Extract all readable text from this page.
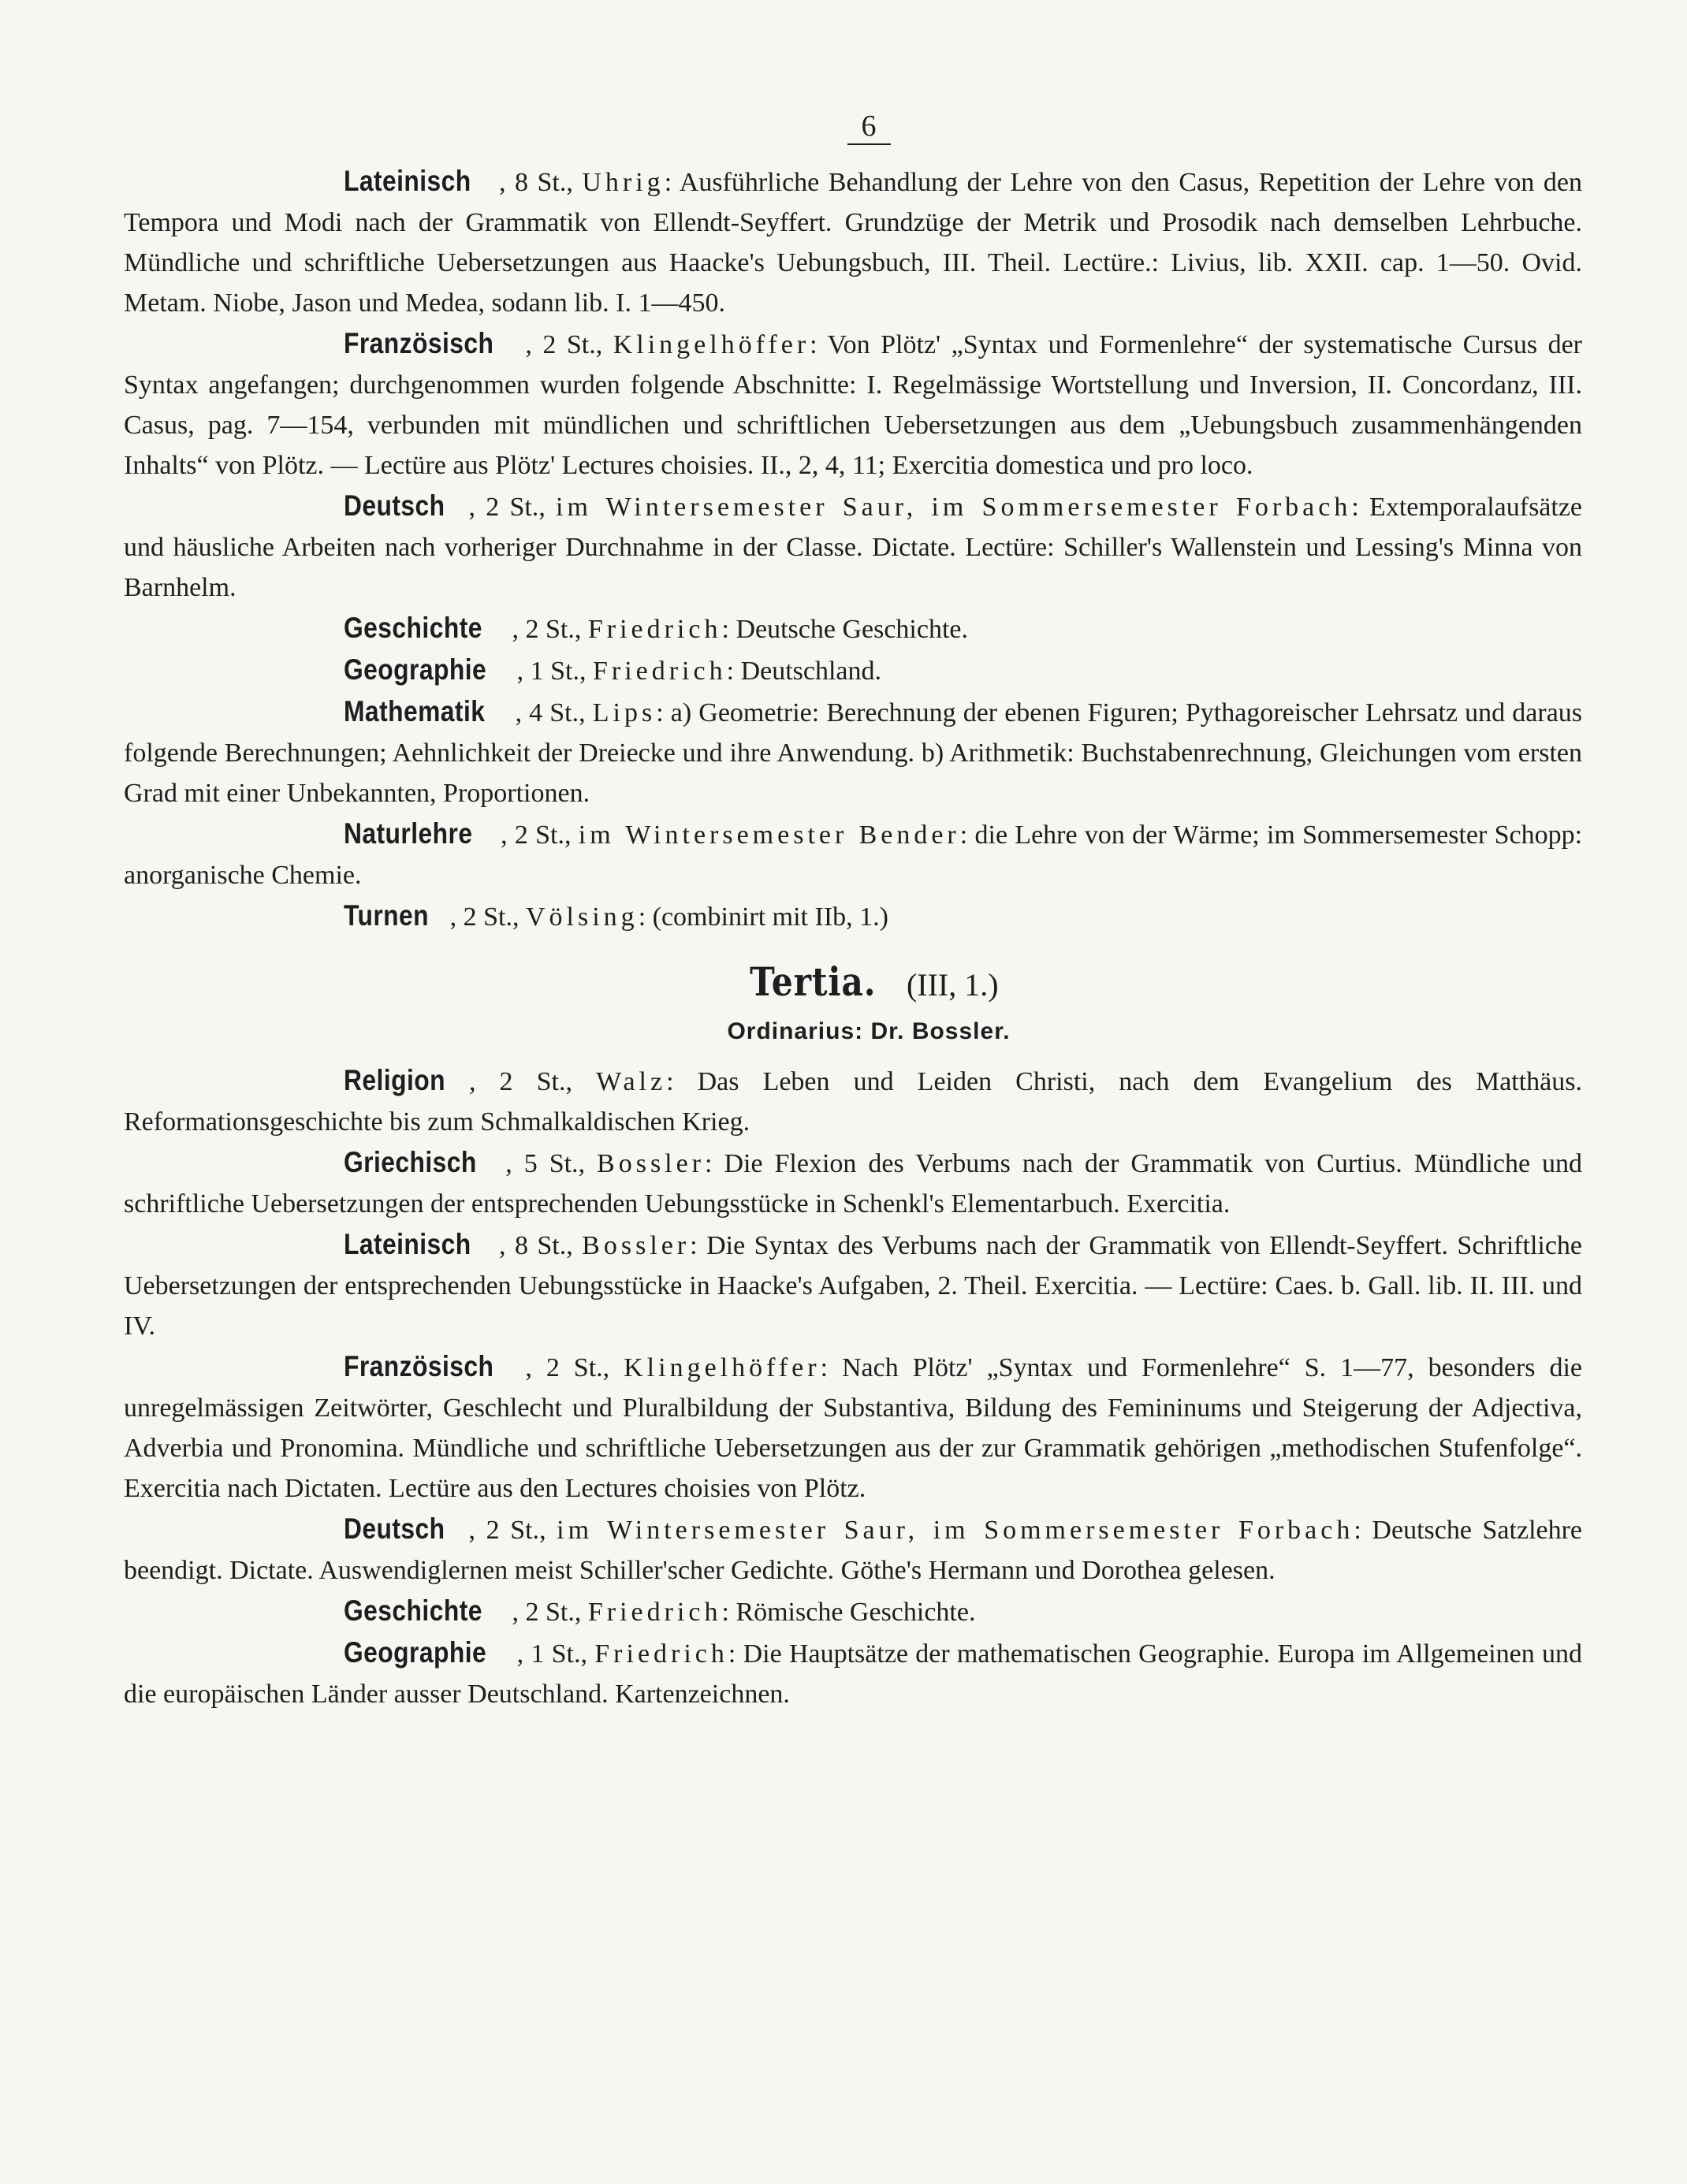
6

Lateinisch , 8 St., Uhrig: Ausführliche Behandlung der Lehre von den Casus, Repetition der Lehre von den Tempora und Modi nach der Grammatik von Ellendt-Seyffert. Grundzüge der Metrik und Prosodik nach demselben Lehrbuche. Mündliche und schriftliche Uebersetzungen aus Haacke's Uebungsbuch, III. Theil. Lectüre.: Livius, lib. XXII. cap. 1—50. Ovid. Metam. Niobe, Jason und Medea, sodann lib. I. 1—450.

Französisch , 2 St., Klingelhöffer: Von Plötz' „Syntax und Formenlehre“ der systematische Cursus der Syntax angefangen; durchgenommen wurden folgende Abschnitte: I. Regelmässige Wortstellung und Inversion, II. Concordanz, III. Casus, pag. 7—154, verbunden mit mündlichen und schriftlichen Uebersetzungen aus dem „Uebungsbuch zusammenhängenden Inhalts“ von Plötz. — Lectüre aus Plötz' Lectures choisies. II., 2, 4, 11; Exercitia domestica und pro loco.

Deutsch , 2 St., im Wintersemester Saur, im Sommersemester Forbach: Extemporalaufsätze und häusliche Arbeiten nach vorheriger Durchnahme in der Classe. Dictate. Lectüre: Schiller's Wallenstein und Lessing's Minna von Barnhelm.

Geschichte , 2 St., Friedrich: Deutsche Geschichte.

Geographie , 1 St., Friedrich: Deutschland.

Mathematik , 4 St., Lips: a) Geometrie: Berechnung der ebenen Figuren; Pythagoreischer Lehrsatz und daraus folgende Berechnungen; Aehnlichkeit der Dreiecke und ihre Anwendung. b) Arithmetik: Buchstabenrechnung, Gleichungen vom ersten Grad mit einer Unbekannten, Proportionen.

Naturlehre , 2 St., im Wintersemester Bender: die Lehre von der Wärme; im Sommersemester Schopp: anorganische Chemie.

Turnen , 2 St., Völsing: (combinirt mit IIb, 1.)

Tertia. (III, 1.)
Ordinarius: Dr. Bossler.

Religion , 2 St., Walz: Das Leben und Leiden Christi, nach dem Evangelium des Matthäus. Reformationsgeschichte bis zum Schmalkaldischen Krieg.

Griechisch , 5 St., Bossler: Die Flexion des Verbums nach der Grammatik von Curtius. Mündliche und schriftliche Uebersetzungen der entsprechenden Uebungsstücke in Schenkl's Elementarbuch. Exercitia.

Lateinisch , 8 St., Bossler: Die Syntax des Verbums nach der Grammatik von Ellendt-Seyffert. Schriftliche Uebersetzungen der entsprechenden Uebungsstücke in Haacke's Aufgaben, 2. Theil. Exercitia. — Lectüre: Caes. b. Gall. lib. II. III. und IV.

Französisch , 2 St., Klingelhöffer: Nach Plötz' „Syntax und Formenlehre“ S. 1—77, besonders die unregelmässigen Zeitwörter, Geschlecht und Pluralbildung der Substantiva, Bildung des Femininums und Steigerung der Adjectiva, Adverbia und Pronomina. Mündliche und schriftliche Uebersetzungen aus der zur Grammatik gehörigen „methodischen Stufenfolge“. Exercitia nach Dictaten. Lectüre aus den Lectures choisies von Plötz.

Deutsch , 2 St., im Wintersemester Saur, im Sommersemester Forbach: Deutsche Satzlehre beendigt. Dictate. Auswendiglernen meist Schiller'scher Gedichte. Göthe's Hermann und Dorothea gelesen.

Geschichte , 2 St., Friedrich: Römische Geschichte.

Geographie , 1 St., Friedrich: Die Hauptsätze der mathematischen Geographie. Europa im Allgemeinen und die europäischen Länder ausser Deutschland. Kartenzeichnen.
